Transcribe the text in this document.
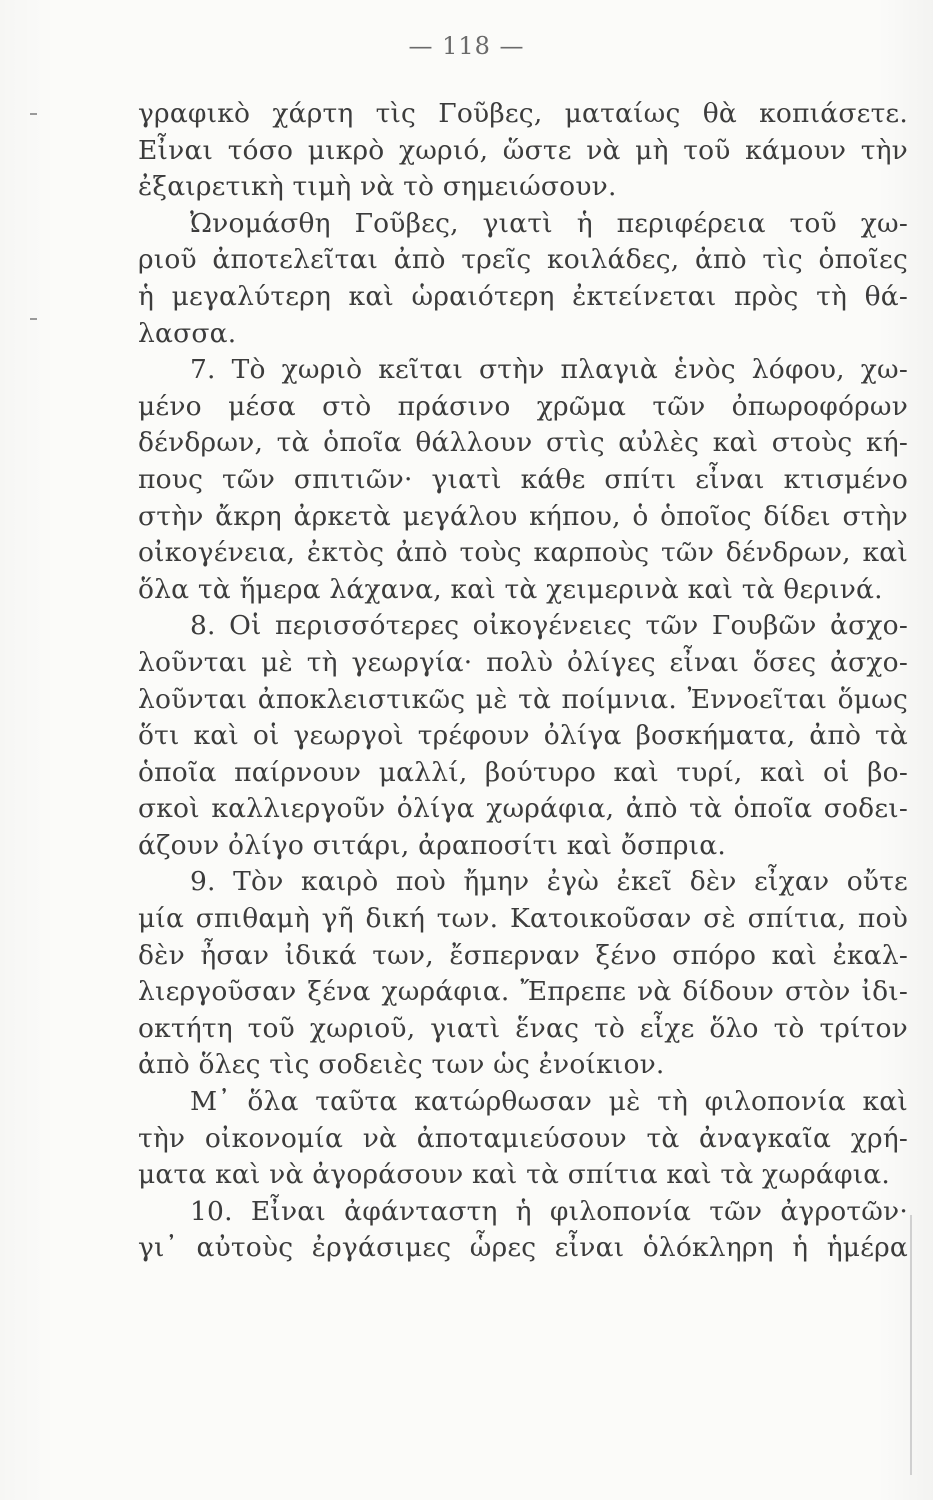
— 118 —
γραφικὸ χάρτη τὶς Γοῦβες, ματαίως θὰ κοπιάσετε.
Εἶναι τόσο μικρὸ χωριό, ὥστε νὰ μὴ τοῦ κάμουν τὴν
ἐξαιρετικὴ τιμὴ νὰ τὸ σημειώσουν.
Ὠνομάσθη Γοῦβες, γιατὶ ἡ περιφέρεια τοῦ χω-
ριοῦ ἀποτελεῖται ἀπὸ τρεῖς κοιλάδες, ἀπὸ τὶς ὁποῖες
ἡ μεγαλύτερη καὶ ὡραιότερη ἐκτείνεται πρὸς τὴ θά-
λασσα.
7. Τὸ χωριὸ κεῖται στὴν πλαγιὰ ἑνὸς λόφου, χω-
μένο μέσα στὸ πράσινο χρῶμα τῶν ὀπωροφόρων
δένδρων, τὰ ὁποῖα θάλλουν στὶς αὐλὲς καὶ στοὺς κή-
πους τῶν σπιτιῶν· γιατὶ κάθε σπίτι εἶναι κτισμένο
στὴν ἄκρη ἀρκετὰ μεγάλου κήπου, ὁ ὁποῖος δίδει στὴν
οἰκογένεια, ἐκτὸς ἀπὸ τοὺς καρποὺς τῶν δένδρων, καὶ
ὅλα τὰ ἥμερα λάχανα, καὶ τὰ χειμερινὰ καὶ τὰ θερινά.
8. Οἱ περισσότερες οἰκογένειες τῶν Γουβῶν ἀσχο-
λοῦνται μὲ τὴ γεωργία· πολὺ ὀλίγες εἶναι ὅσες ἀσχο-
λοῦνται ἀποκλειστικῶς μὲ τὰ ποίμνια. Ἐννοεῖται ὅμως
ὅτι καὶ οἱ γεωργοὶ τρέφουν ὀλίγα βοσκήματα, ἀπὸ τὰ
ὁποῖα παίρνουν μαλλί, βούτυρο καὶ τυρί, καὶ οἱ βο-
σκοὶ καλλιεργοῦν ὀλίγα χωράφια, ἀπὸ τὰ ὁποῖα σοδει-
άζουν ὀλίγο σιτάρι, ἀραποσίτι καὶ ὄσπρια.
9. Τὸν καιρὸ ποὺ ἤμην ἐγὼ ἐκεῖ δὲν εἶχαν οὔτε
μία σπιθαμὴ γῆ δική των. Κατοικοῦσαν σὲ σπίτια, ποὺ
δὲν ἦσαν ἰδικά των, ἔσπερναν ξένο σπόρο καὶ ἐκαλ-
λιεργοῦσαν ξένα χωράφια. Ἔπρεπε νὰ δίδουν στὸν ἰδι-
οκτήτη τοῦ χωριοῦ, γιατὶ ἕνας τὸ εἶχε ὅλο τὸ τρίτον
ἀπὸ ὅλες τὶς σοδειὲς των ὡς ἐνοίκιον.
Μ᾿ ὅλα ταῦτα κατώρθωσαν μὲ τὴ φιλοπονία καὶ
τὴν οἰκονομία νὰ ἀποταμιεύσουν τὰ ἀναγκαῖα χρή-
ματα καὶ νὰ ἀγοράσουν καὶ τὰ σπίτια καὶ τὰ χωράφια.
10. Εἶναι ἀφάνταστη ἡ φιλοπονία τῶν ἀγροτῶν·
γι᾿ αὐτοὺς ἐργάσιμες ὧρες εἶναι ὁλόκληρη ἡ ἡμέρα
